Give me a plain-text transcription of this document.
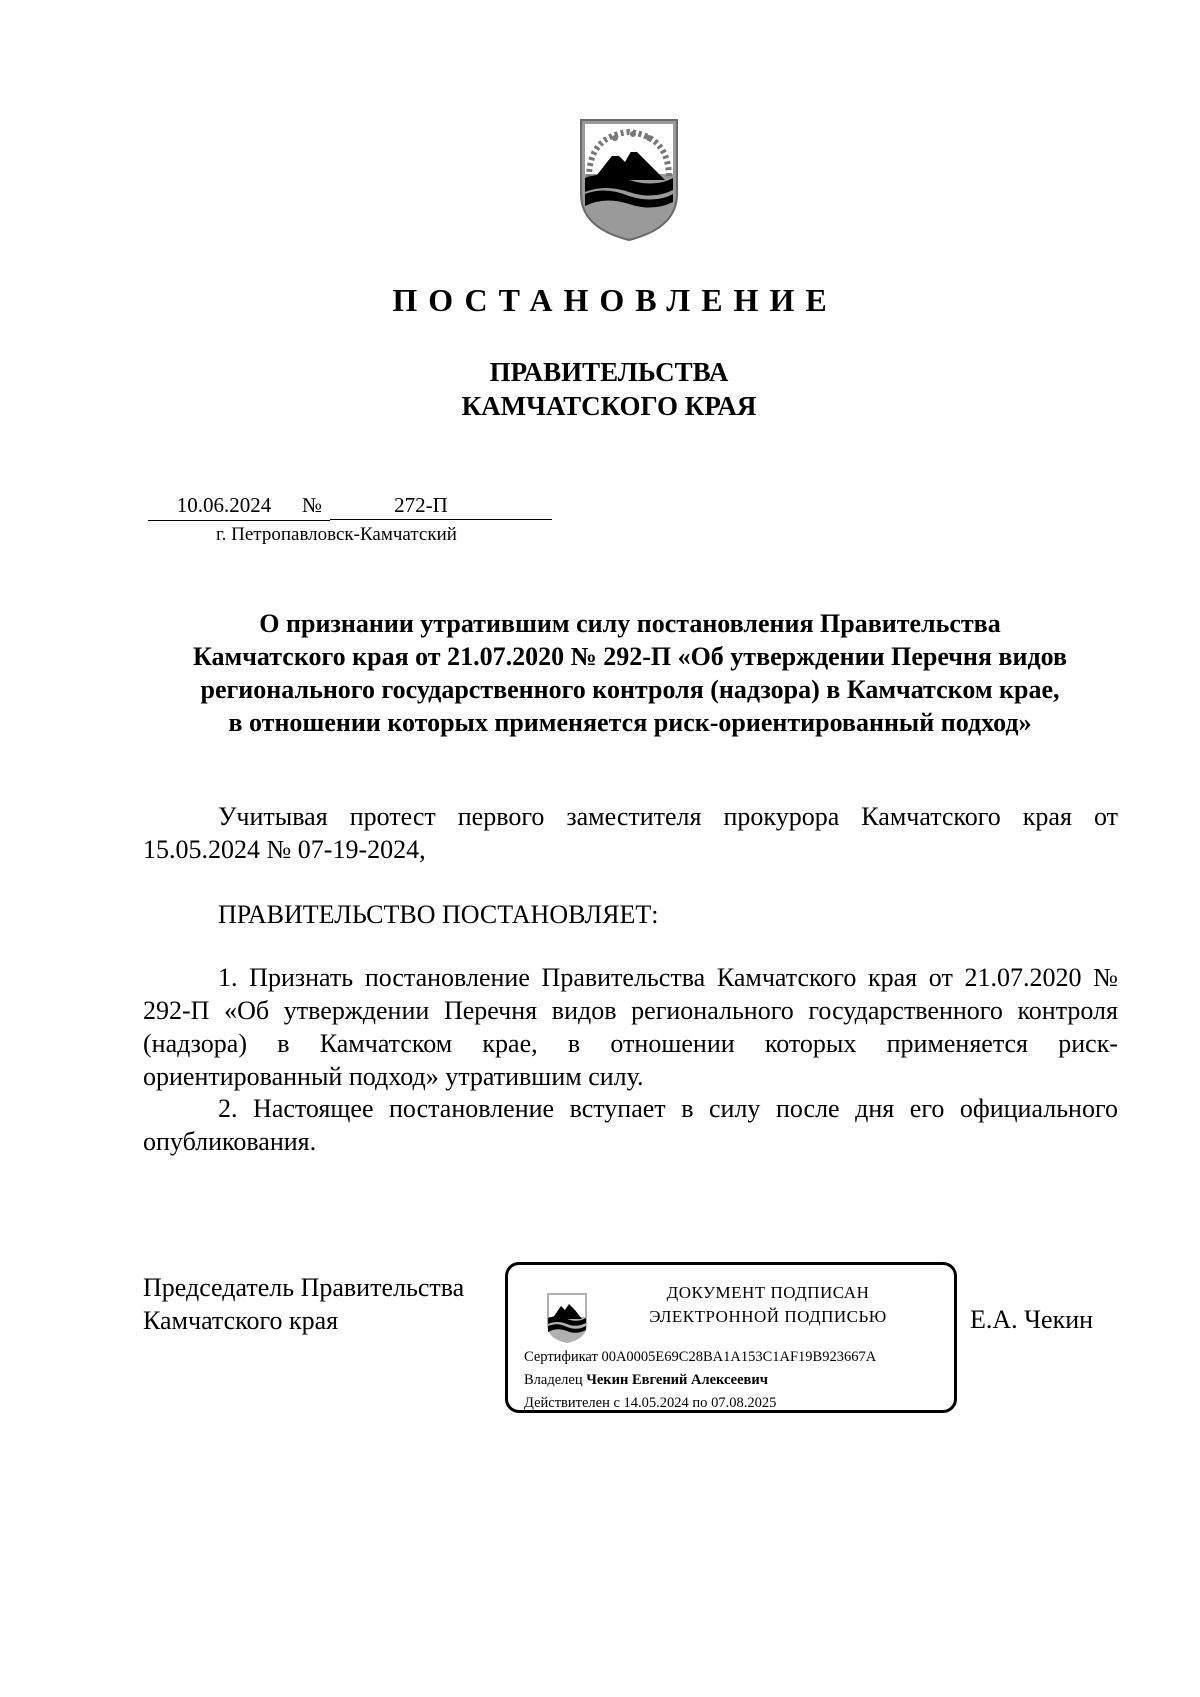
ПОСТАНОВЛЕНИЕ
ПРАВИТЕЛЬСТВА
КАМЧАТСКОГО КРАЯ
10.06.2024	№	272-П
г. Петропавловск-Камчатский
О признании утратившим силу постановления Правительства
Камчатского края от 21.07.2020 № 292-П «Об утверждении Перечня видов
регионального государственного контроля (надзора) в Камчатском крае,
в отношении которых применяется риск-ориентированный подход»
Учитывая протест первого заместителя прокурора Камчатского края от 15.05.2024 № 07-19-2024,
ПРАВИТЕЛЬСТВО ПОСТАНОВЛЯЕТ:
1. Признать постановление Правительства Камчатского края от 21.07.2020 № 292-П «Об утверждении Перечня видов регионального государственного контроля (надзора) в Камчатском крае, в отношении которых применяется риск-ориентированный подход» утратившим силу.
2. Настоящее постановление вступает в силу после дня его официального опубликования.
Председатель Правительства
Камчатского края
ДОКУМЕНТ ПОДПИСАН
ЭЛЕКТРОННОЙ ПОДПИСЬЮ
Сертификат 00A0005E69C28BA1A153C1AF19B923667A
Владелец Чекин Евгений Алексеевич
Действителен с 14.05.2024 по 07.08.2025
Е.А. Чекин
